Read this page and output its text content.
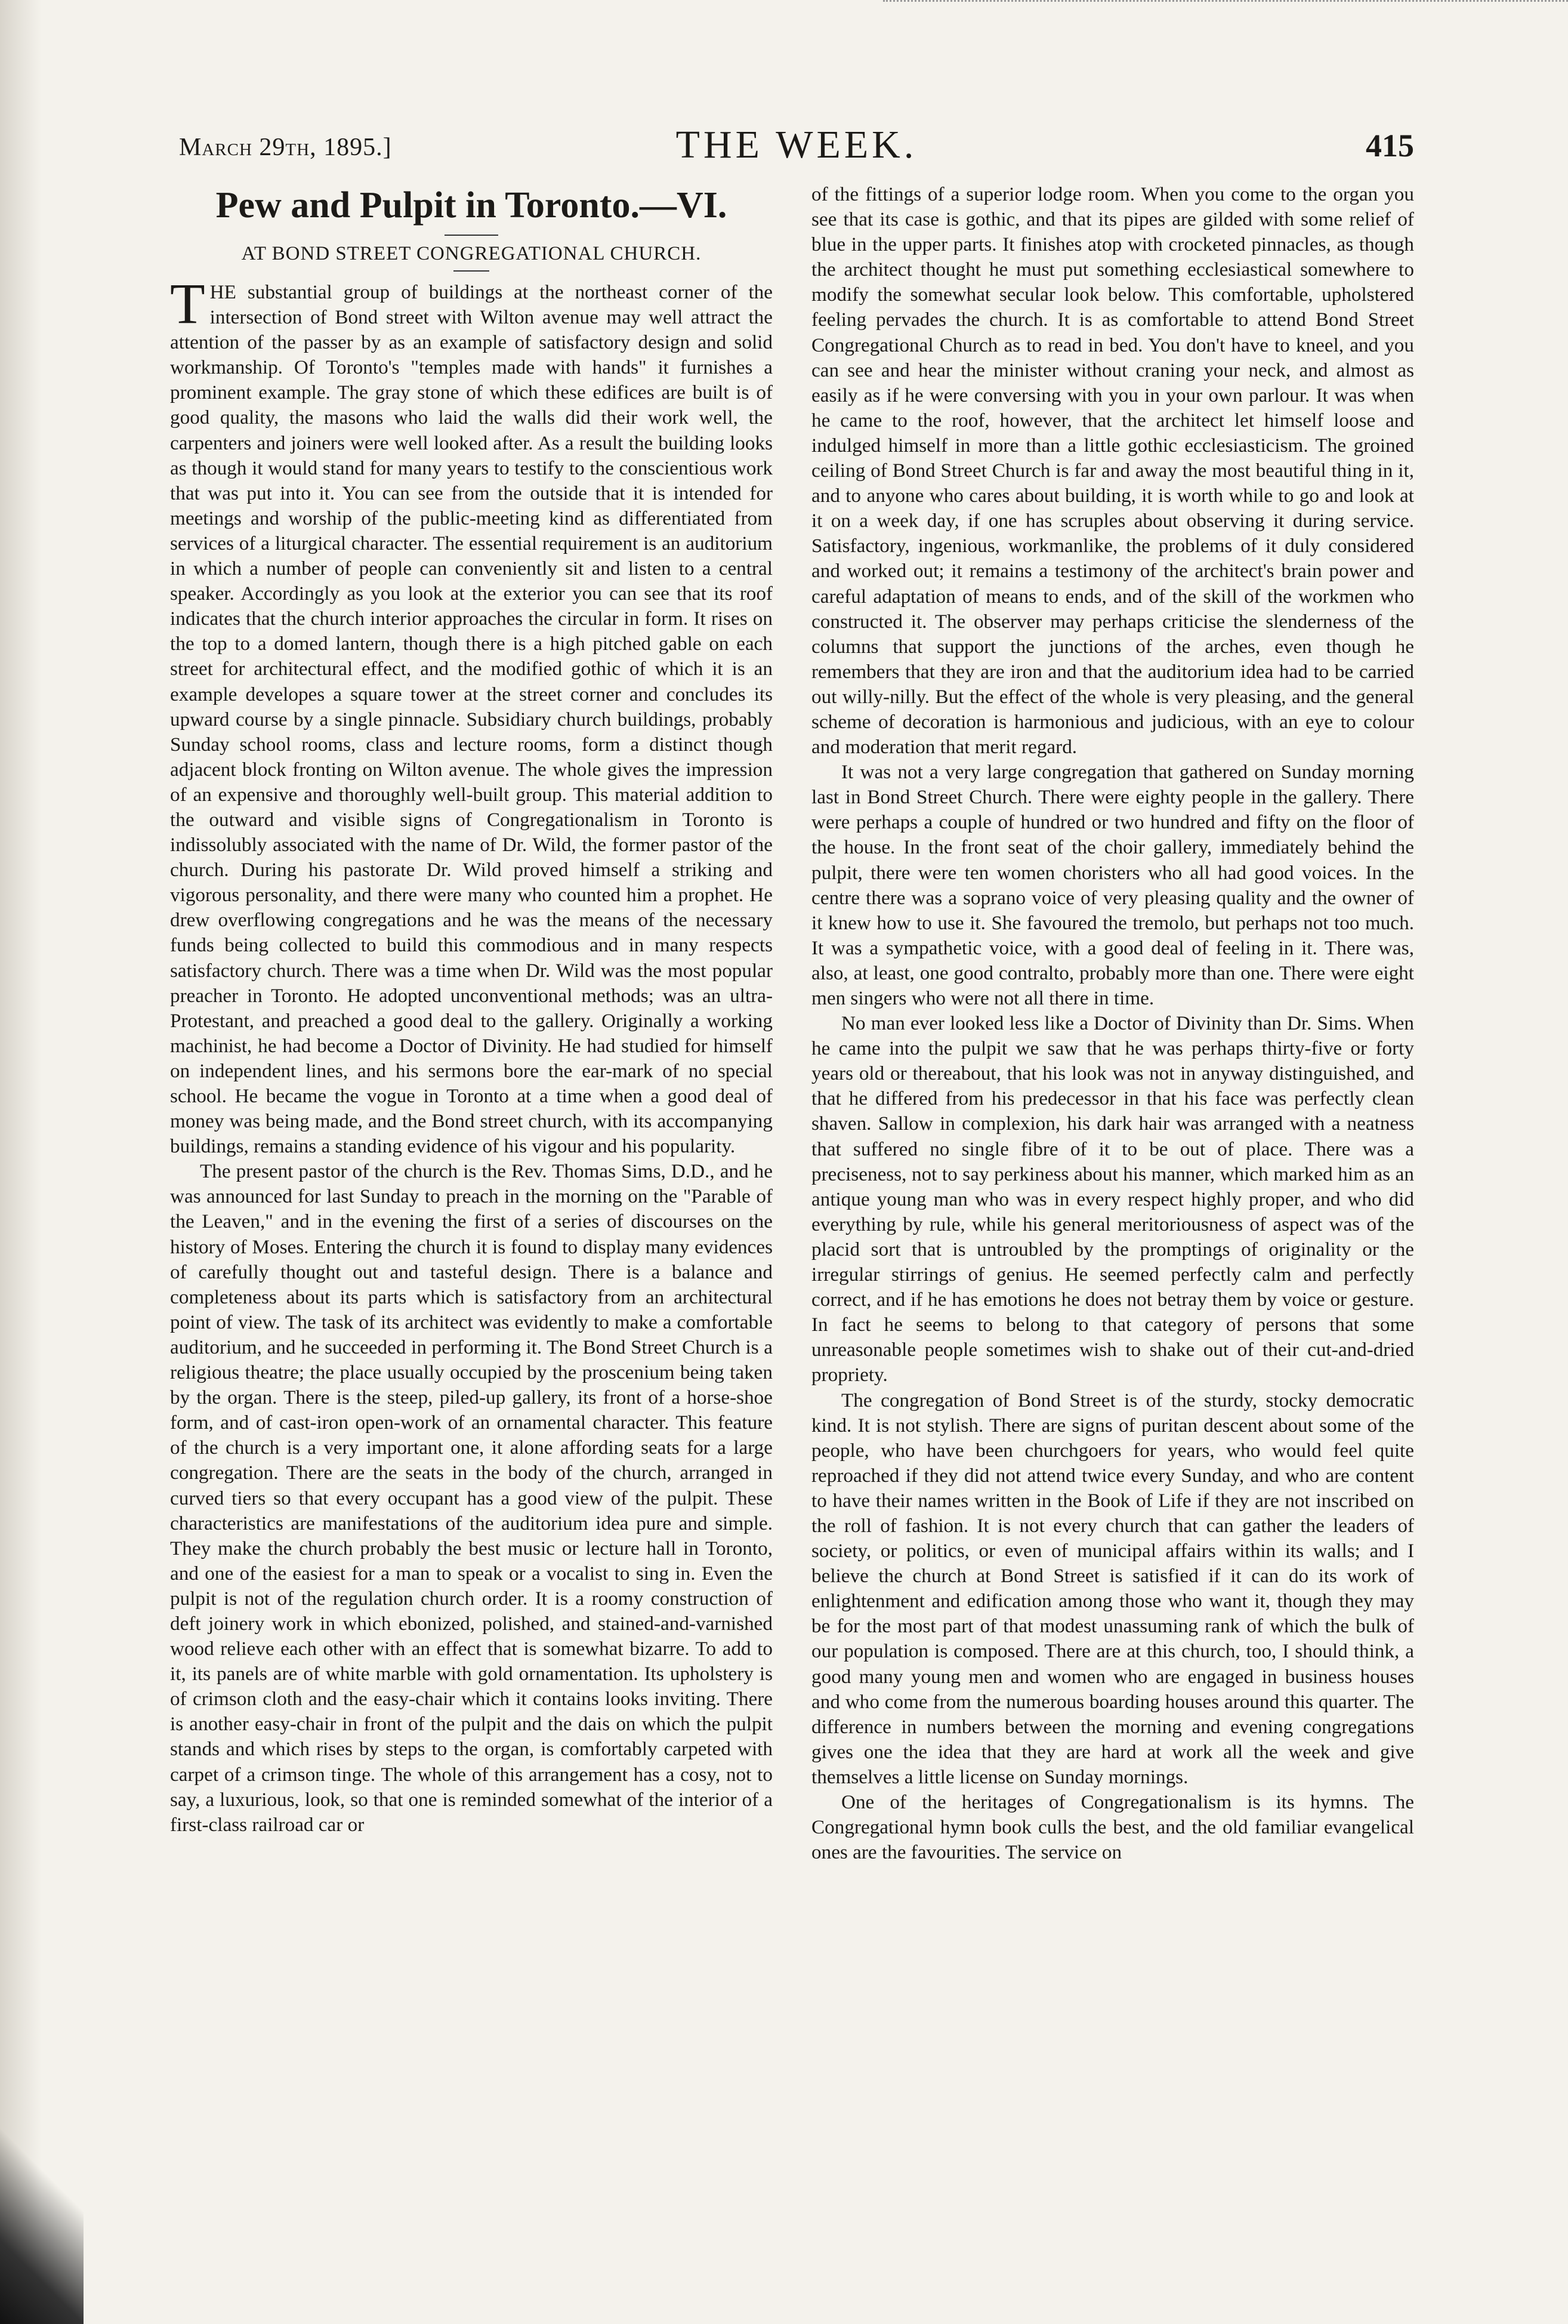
March 29th, 1895.]	THE WEEK.	415
Pew and Pulpit in Toronto.—VI.

AT BOND STREET CONGREGATIONAL CHURCH.

THE substantial group of buildings at the northeast corner of the intersection of Bond street with Wilton avenue may well attract the attention of the passer by as an example of satisfactory design and solid workmanship. Of Toronto's "temples made with hands" it furnishes a prominent example. The gray stone of which these edifices are built is of good quality, the masons who laid the walls did their work well, the carpenters and joiners were well looked after. As a result the building looks as though it would stand for many years to testify to the conscientious work that was put into it. You can see from the outside that it is intended for meetings and worship of the public-meeting kind as differentiated from services of a liturgical character. The essential requirement is an auditorium in which a number of people can conveniently sit and listen to a central speaker. Accordingly as you look at the exterior you can see that its roof indicates that the church interior approaches the circular in form. It rises on the top to a domed lantern, though there is a high pitched gable on each street for architectural effect, and the modified gothic of which it is an example developes a square tower at the street corner and concludes its upward course by a single pinnacle. Subsidiary church buildings, probably Sunday school rooms, class and lecture rooms, form a distinct though adjacent block fronting on Wilton avenue. The whole gives the impression of an expensive and thoroughly well-built group. This material addition to the outward and visible signs of Congregationalism in Toronto is indissolubly associated with the name of Dr. Wild, the former pastor of the church. During his pastorate Dr. Wild proved himself a striking and vigorous personality, and there were many who counted him a prophet. He drew overflowing congregations and he was the means of the necessary funds being collected to build this commodious and in many respects satisfactory church. There was a time when Dr. Wild was the most popular preacher in Toronto. He adopted unconventional methods; was an ultra-Protestant, and preached a good deal to the gallery. Originally a working machinist, he had become a Doctor of Divinity. He had studied for himself on independent lines, and his sermons bore the ear-mark of no special school. He became the vogue in Toronto at a time when a good deal of money was being made, and the Bond street church, with its accompanying buildings, remains a standing evidence of his vigour and his popularity.

The present pastor of the church is the Rev. Thomas Sims, D.D., and he was announced for last Sunday to preach in the morning on the "Parable of the Leaven," and in the evening the first of a series of discourses on the history of Moses. Entering the church it is found to display many evidences of carefully thought out and tasteful design. There is a balance and completeness about its parts which is satisfactory from an architectural point of view. The task of its architect was evidently to make a comfortable auditorium, and he succeeded in performing it. The Bond Street Church is a religious theatre; the place usually occupied by the proscenium being taken by the organ. There is the steep, piled-up gallery, its front of a horse-shoe form, and of cast-iron open-work of an ornamental character. This feature of the church is a very important one, it alone affording seats for a large congregation. There are the seats in the body of the church, arranged in curved tiers so that every occupant has a good view of the pulpit. These characteristics are manifestations of the auditorium idea pure and simple. They make the church probably the best music or lecture hall in Toronto, and one of the easiest for a man to speak or a vocalist to sing in. Even the pulpit is not of the regulation church order. It is a roomy construction of deft joinery work in which ebonized, polished, and stained-and-varnished wood relieve each other with an effect that is somewhat bizarre. To add to it, its panels are of white marble with gold ornamentation. Its upholstery is of crimson cloth and the easy-chair which it contains looks inviting. There is another easy-chair in front of the pulpit and the dais on which the pulpit stands and which rises by steps to the organ, is comfortably carpeted with carpet of a crimson tinge. The whole of this arrangement has a cosy, not to say, a luxurious, look, so that one is reminded somewhat of the interior of a first-class railroad car or

of the fittings of a superior lodge room. When you come to the organ you see that its case is gothic, and that its pipes are gilded with some relief of blue in the upper parts. It finishes atop with crocketed pinnacles, as though the architect thought he must put something ecclesiastical somewhere to modify the somewhat secular look below. This comfortable, upholstered feeling pervades the church. It is as comfortable to attend Bond Street Congregational Church as to read in bed. You don't have to kneel, and you can see and hear the minister without craning your neck, and almost as easily as if he were conversing with you in your own parlour. It was when he came to the roof, however, that the architect let himself loose and indulged himself in more than a little gothic ecclesiasticism. The groined ceiling of Bond Street Church is far and away the most beautiful thing in it, and to anyone who cares about building, it is worth while to go and look at it on a week day, if one has scruples about observing it during service. Satisfactory, ingenious, workmanlike, the problems of it duly considered and worked out; it remains a testimony of the architect's brain power and careful adaptation of means to ends, and of the skill of the workmen who constructed it. The observer may perhaps criticise the slenderness of the columns that support the junctions of the arches, even though he remembers that they are iron and that the auditorium idea had to be carried out willy-nilly. But the effect of the whole is very pleasing, and the general scheme of decoration is harmonious and judicious, with an eye to colour and moderation that merit regard.

It was not a very large congregation that gathered on Sunday morning last in Bond Street Church. There were eighty people in the gallery. There were perhaps a couple of hundred or two hundred and fifty on the floor of the house. In the front seat of the choir gallery, immediately behind the pulpit, there were ten women choristers who all had good voices. In the centre there was a soprano voice of very pleasing quality and the owner of it knew how to use it. She favoured the tremolo, but perhaps not too much. It was a sympathetic voice, with a good deal of feeling in it. There was, also, at least, one good contralto, probably more than one. There were eight men singers who were not all there in time.

No man ever looked less like a Doctor of Divinity than Dr. Sims. When he came into the pulpit we saw that he was perhaps thirty-five or forty years old or thereabout, that his look was not in anyway distinguished, and that he differed from his predecessor in that his face was perfectly clean shaven. Sallow in complexion, his dark hair was arranged with a neatness that suffered no single fibre of it to be out of place. There was a preciseness, not to say perkiness about his manner, which marked him as an antique young man who was in every respect highly proper, and who did everything by rule, while his general meritoriousness of aspect was of the placid sort that is untroubled by the promptings of originality or the irregular stirrings of genius. He seemed perfectly calm and perfectly correct, and if he has emotions he does not betray them by voice or gesture. In fact he seems to belong to that category of persons that some unreasonable people sometimes wish to shake out of their cut-and-dried propriety.

The congregation of Bond Street is of the sturdy, stocky democratic kind. It is not stylish. There are signs of puritan descent about some of the people, who have been churchgoers for years, who would feel quite reproached if they did not attend twice every Sunday, and who are content to have their names written in the Book of Life if they are not inscribed on the roll of fashion. It is not every church that can gather the leaders of society, or politics, or even of municipal affairs within its walls; and I believe the church at Bond Street is satisfied if it can do its work of enlightenment and edification among those who want it, though they may be for the most part of that modest unassuming rank of which the bulk of our population is composed. There are at this church, too, I should think, a good many young men and women who are engaged in business houses and who come from the numerous boarding houses around this quarter. The difference in numbers between the morning and evening congregations gives one the idea that they are hard at work all the week and give themselves a little license on Sunday mornings.

One of the heritages of Congregationalism is its hymns. The Congregational hymn book culls the best, and the old familiar evangelical ones are the favourities. The service on
